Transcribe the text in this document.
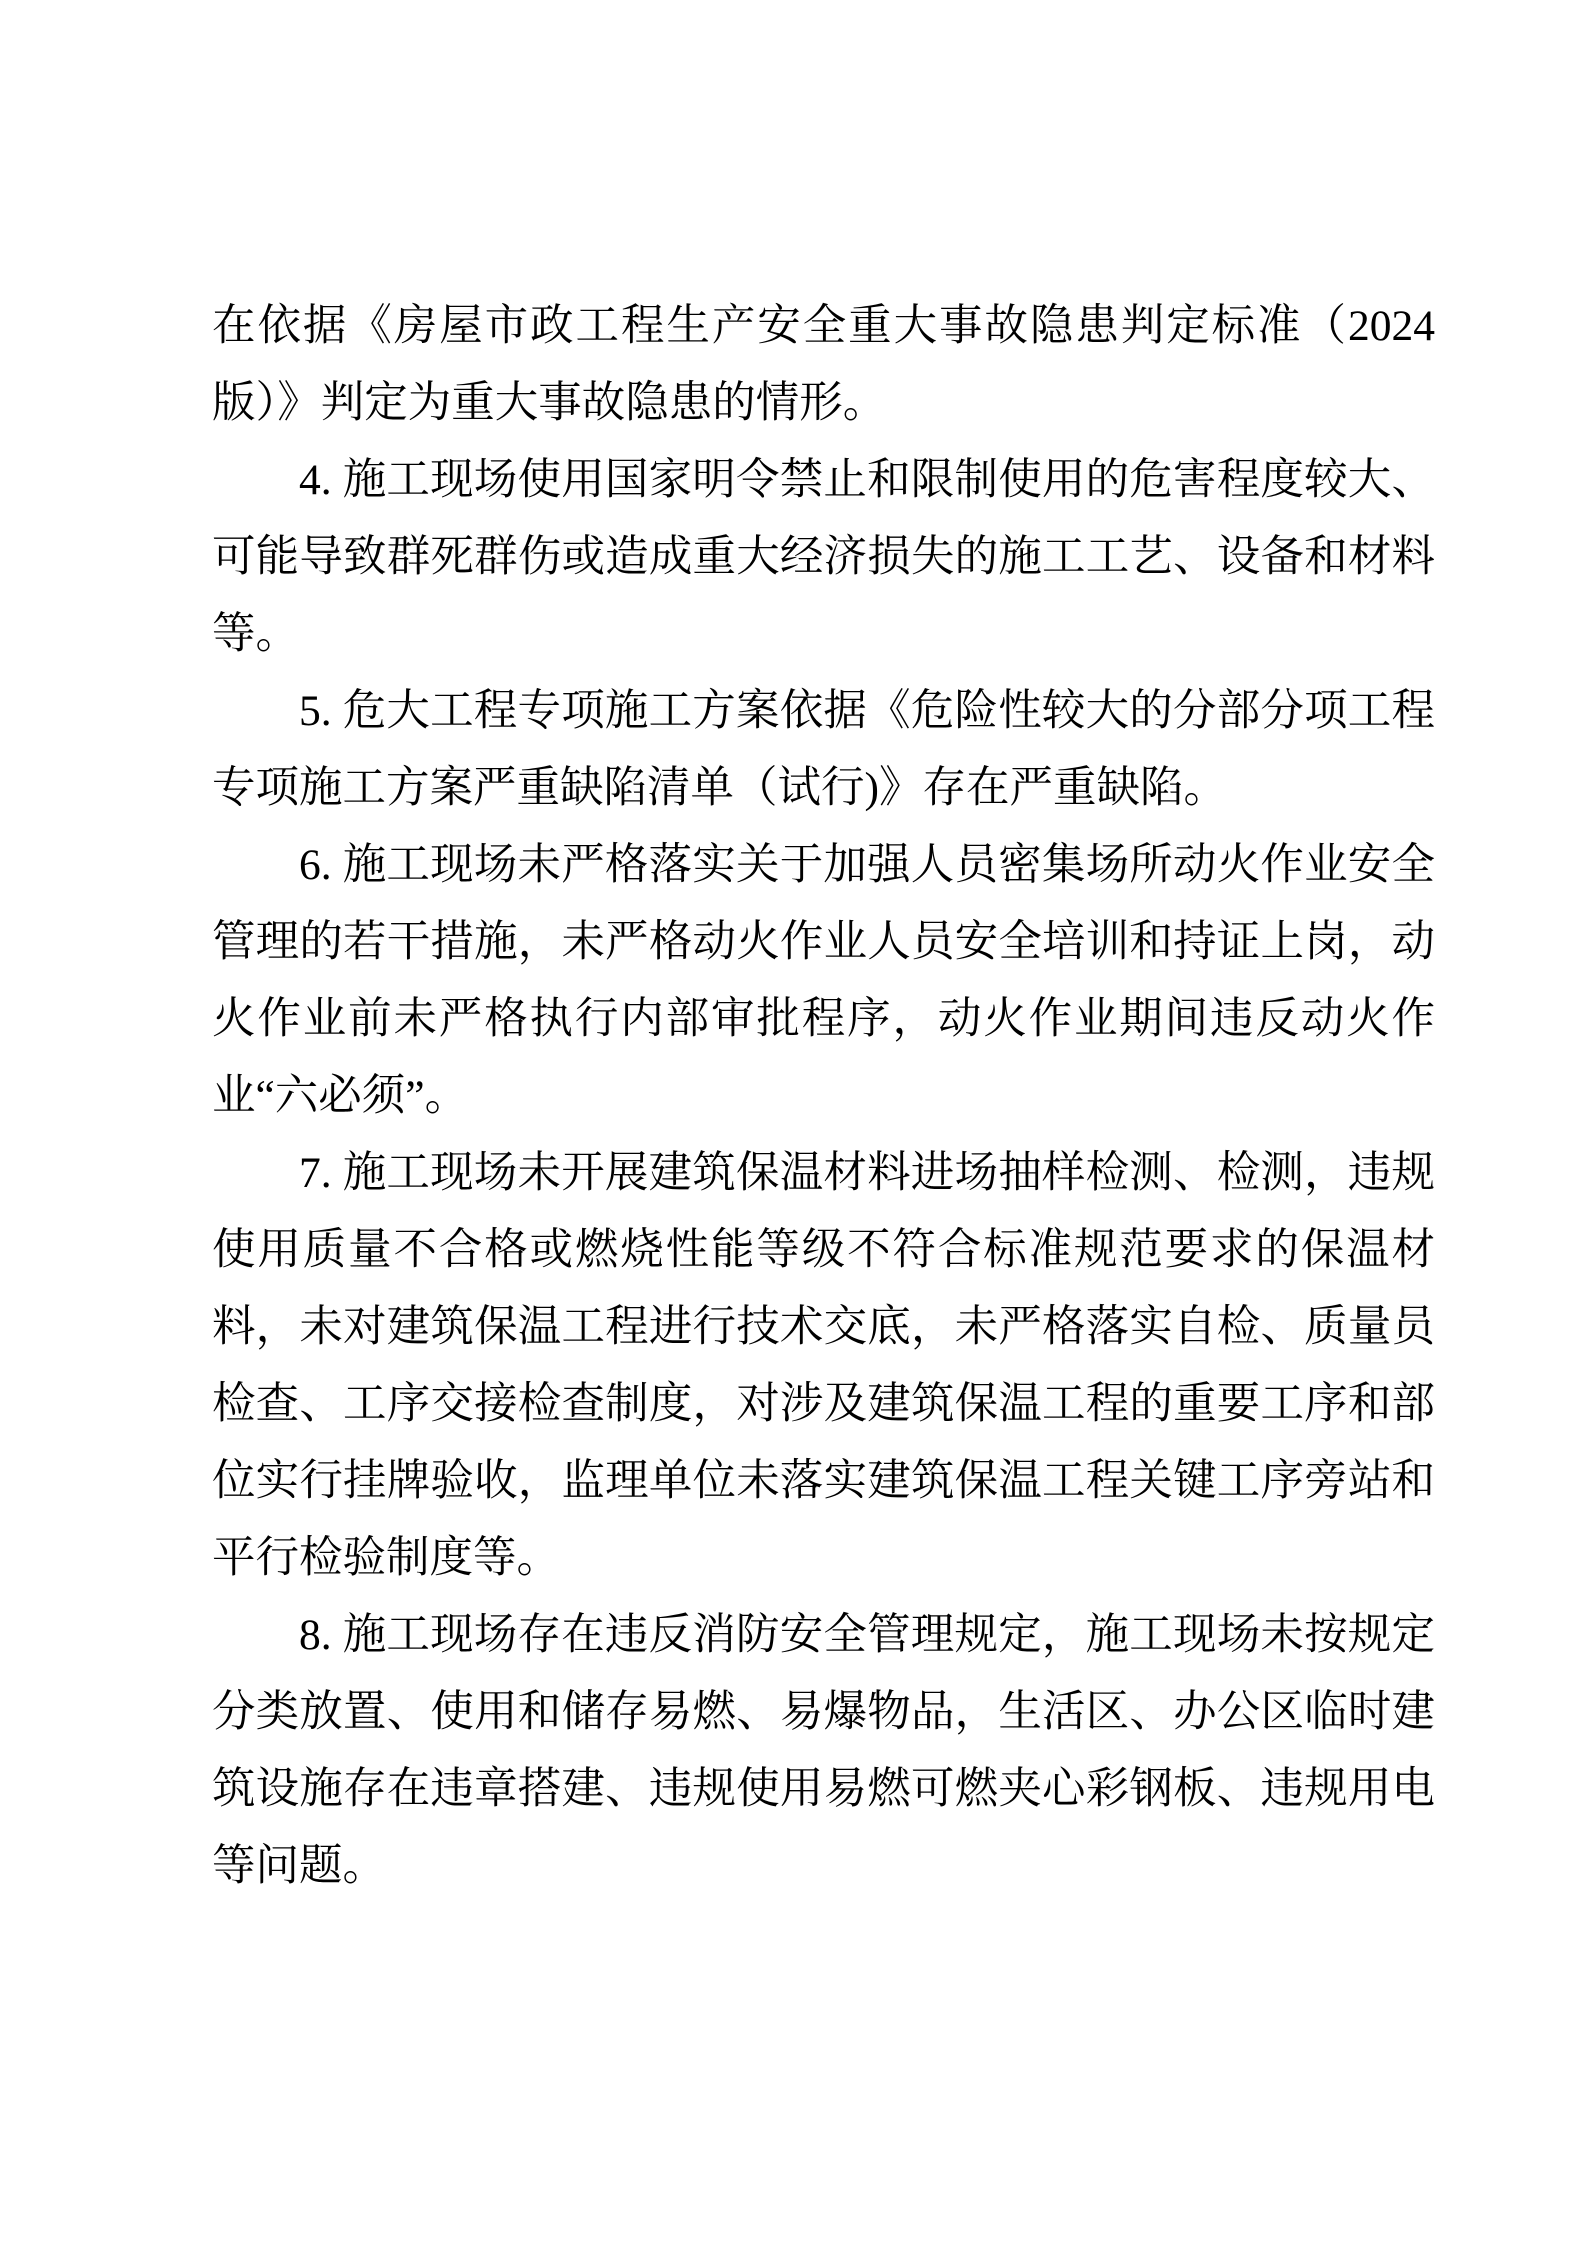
在依据《房屋市政工程生产安全重大事故隐患判定标准（2024版）》判定为重大事故隐患的情形。

4. 施工现场使用国家明令禁止和限制使用的危害程度较大、可能导致群死群伤或造成重大经济损失的施工工艺、设备和材料等。

5. 危大工程专项施工方案依据《危险性较大的分部分项工程专项施工方案严重缺陷清单（试行)》存在严重缺陷。

6. 施工现场未严格落实关于加强人员密集场所动火作业安全管理的若干措施，未严格动火作业人员安全培训和持证上岗，动火作业前未严格执行内部审批程序，动火作业期间违反动火作业“六必须”。

7. 施工现场未开展建筑保温材料进场抽样检测、检测，违规使用质量不合格或燃烧性能等级不符合标准规范要求的保温材料，未对建筑保温工程进行技术交底，未严格落实自检、质量员检查、工序交接检查制度，对涉及建筑保温工程的重要工序和部位实行挂牌验收，监理单位未落实建筑保温工程关键工序旁站和平行检验制度等。

8. 施工现场存在违反消防安全管理规定，施工现场未按规定分类放置、使用和储存易燃、易爆物品，生活区、办公区临时建筑设施存在违章搭建、违规使用易燃可燃夹心彩钢板、违规用电等问题。
